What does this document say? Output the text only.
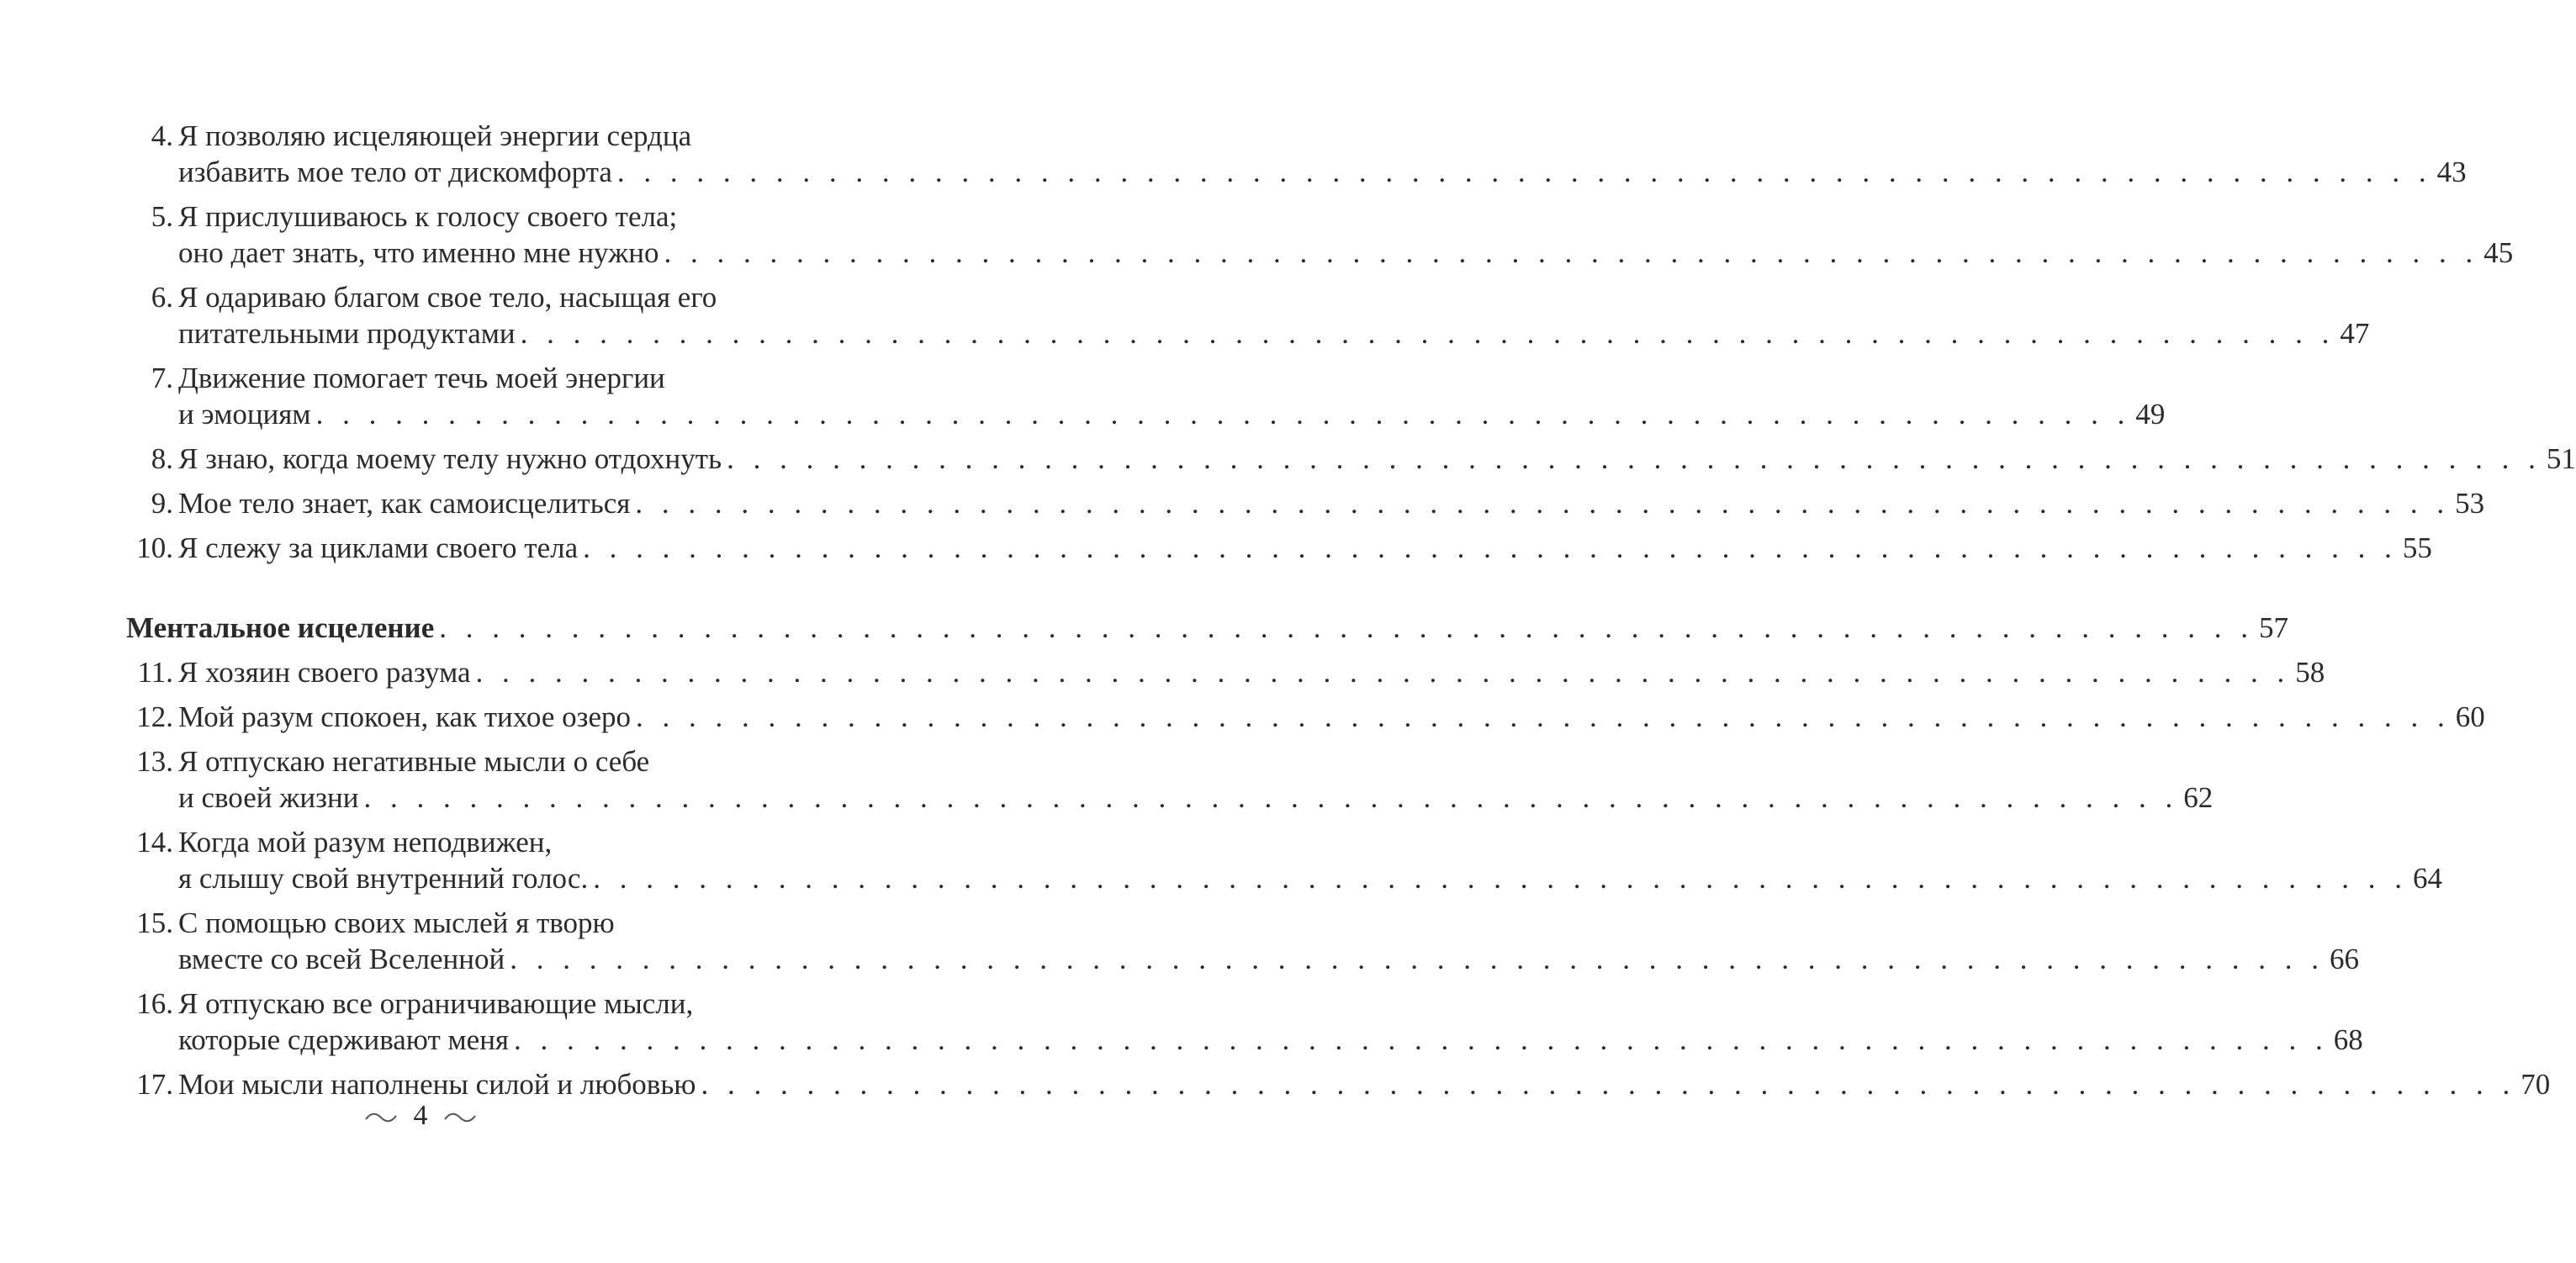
4. Я позволяю исцеляющей энергии сердца
избавить мое тело от дискомфорта . . . . . . . . . . . . . . . . . . . . . . . . . . . . . . . . . . . . . . . . . . . . . . . . . . . . . . . . . . . . . . . . . . . . . 43
5. Я прислушиваюсь к голосу своего тела;
оно дает знать, что именно мне нужно . . . . . . . . . . . . . . . . . . . . . . . . . . . . . . . . . . . . . . . . . . . . . . . . . . . . . . . . . . . . . . . . . . . . . 45
6. Я одариваю благом свое тело, насыщая его
питательными продуктами . . . . . . . . . . . . . . . . . . . . . . . . . . . . . . . . . . . . . . . . . . . . . . . . . . . . . . . . . . . . . . . . . . . . . 47
7. Движение помогает течь моей энергии
и эмоциям . . . . . . . . . . . . . . . . . . . . . . . . . . . . . . . . . . . . . . . . . . . . . . . . . . . . . . . . . . . . . . . . . . . . . 49
8. Я знаю, когда моему телу нужно отдохнуть . . . . . . . . . . . . . . . . . . . . . . . . . . . . . . . . . . . . . . . . . . . . . . . . . . . . . . . . . . . . . . . . . . . . . 51
9. Мое тело знает, как самоисцелиться . . . . . . . . . . . . . . . . . . . . . . . . . . . . . . . . . . . . . . . . . . . . . . . . . . . . . . . . . . . . . . . . . . . . . 53
10. Я слежу за циклами своего тела . . . . . . . . . . . . . . . . . . . . . . . . . . . . . . . . . . . . . . . . . . . . . . . . . . . . . . . . . . . . . . . . . . . . . 55
Ментальное исцеление . . . . . . . . . . . . . . . . . . . . . . . . . . . . . . . . . . . . . . . . . . . . . . . . . . . . . . . . . . . . . . . . . . . . . 57
11. Я хозяин своего разума . . . . . . . . . . . . . . . . . . . . . . . . . . . . . . . . . . . . . . . . . . . . . . . . . . . . . . . . . . . . . . . . . . . . . 58
12. Мой разум спокоен, как тихое озеро . . . . . . . . . . . . . . . . . . . . . . . . . . . . . . . . . . . . . . . . . . . . . . . . . . . . . . . . . . . . . . . . . . . . . 60
13. Я отпускаю негативные мысли о себе
и своей жизни . . . . . . . . . . . . . . . . . . . . . . . . . . . . . . . . . . . . . . . . . . . . . . . . . . . . . . . . . . . . . . . . . . . . . 62
14. Когда мой разум неподвижен,
я слышу свой внутренний голос. . . . . . . . . . . . . . . . . . . . . . . . . . . . . . . . . . . . . . . . . . . . . . . . . . . . . . . . . . . . . . . . . . . . . . 64
15. С помощью своих мыслей я творю
вместе со всей Вселенной . . . . . . . . . . . . . . . . . . . . . . . . . . . . . . . . . . . . . . . . . . . . . . . . . . . . . . . . . . . . . . . . . . . . . 66
16. Я отпускаю все ограничивающие мысли,
которые сдерживают меня . . . . . . . . . . . . . . . . . . . . . . . . . . . . . . . . . . . . . . . . . . . . . . . . . . . . . . . . . . . . . . . . . . . . . 68
17. Мои мысли наполнены силой и любовью . . . . . . . . . . . . . . . . . . . . . . . . . . . . . . . . . . . . . . . . . . . . . . . . . . . . . . . . . . . . . . . . . . . . . 70
4
